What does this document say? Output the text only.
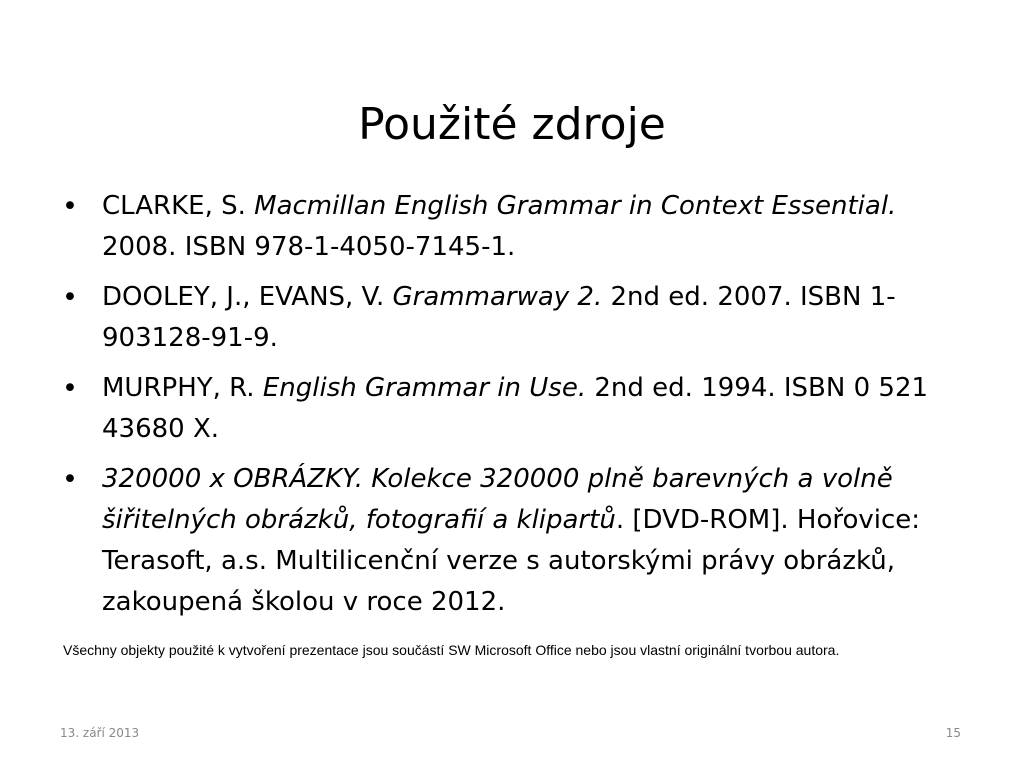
Použité zdroje
• CLARKE, S. Macmillan English Grammar in Context Essential. 2008. ISBN 978-1-4050-7145-1.
• DOOLEY, J., EVANS, V. Grammarway 2. 2nd ed. 2007. ISBN 1-903128-91-9.
• MURPHY, R. English Grammar in Use. 2nd ed. 1994. ISBN 0 521 43680 X.
• 320000 x OBRÁZKY. Kolekce 320000 plně barevných a volně šiřitelných obrázků, fotografií a klipartů. [DVD-ROM]. Hořovice: Terasoft, a.s. Multilicenční verze s autorskými právy obrázků, zakoupená školou v roce 2012.
Všechny objekty použité k vytvoření prezentace jsou součástí SW Microsoft Office nebo jsou vlastní originální tvorbou autora.
13. září 2013	15
